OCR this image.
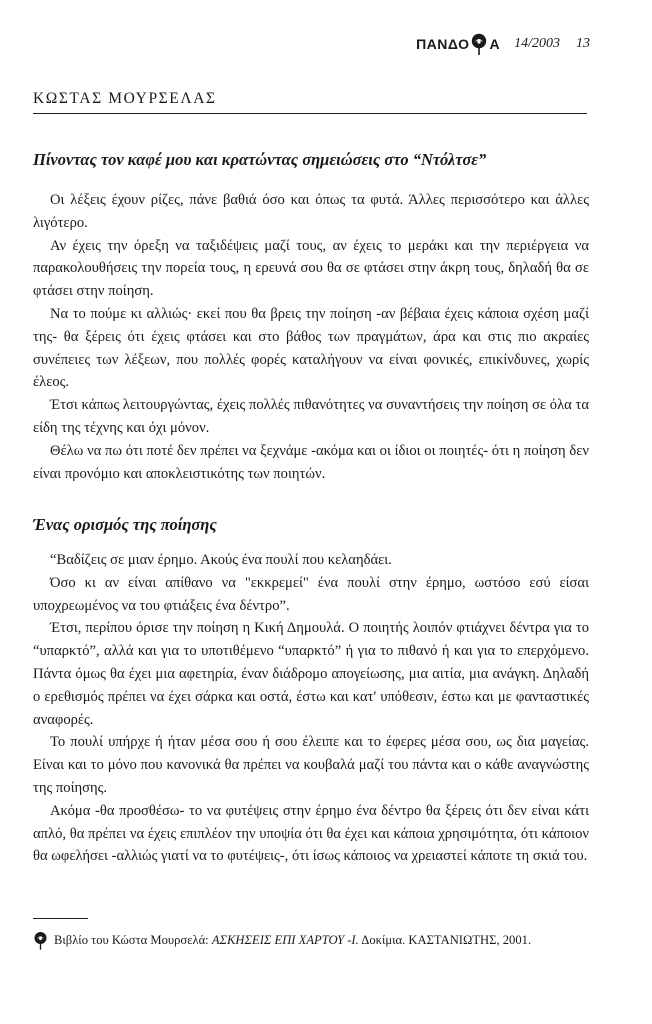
ΠΑΝΔΟ Α 14/2003 13
ΚΩΣΤΑΣ ΜΟΥΡΣΕΛΑΣ
Πίνοντας τον καφέ μου και κρατώντας σημειώσεις στο “Ντόλτσε”

Οι λέξεις έχουν ρίζες, πάνε βαθιά όσο και όπως τα φυτά. Άλλες περισσότερο και άλλες λιγότερο.

Αν έχεις την όρεξη να ταξιδέψεις μαζί τους, αν έχεις το μεράκι και την περιέργεια να παρακολουθήσεις την πορεία τους, η ερευνά σου θα σε φτάσει στην άκρη τους, δηλαδή θα σε φτάσει στην ποίηση.

Να το πούμε κι αλλιώς· εκεί που θα βρεις την ποίηση -αν βέβαια έχεις κάποια σχέση μαζί της- θα ξέρεις ότι έχεις φτάσει και στο βάθος των πραγμάτων, άρα και στις πιο ακραίες συνέπειες των λέξεων, που πολλές φορές καταλήγουν να είναι φονικές, επικίνδυνες, χωρίς έλεος.

Έτσι κάπως λειτουργώντας, έχεις πολλές πιθανότητες να συναντήσεις την ποίηση σε όλα τα είδη της τέχνης και όχι μόνον.

Θέλω να πω ότι ποτέ δεν πρέπει να ξεχνάμε -ακόμα και οι ίδιοι οι ποιητές- ότι η ποίηση δεν είναι προνόμιο και αποκλειστικότης των ποιητών.

Ένας ορισμός της ποίησης

“Βαδίζεις σε μιαν έρημο. Ακούς ένα πουλί που κελαηδάει.

Όσο κι αν είναι απίθανο να "εκκρεμεί" ένα πουλί στην έρημο, ωστόσο εσύ είσαι υποχρεωμένος να του φτιάξεις ένα δέντρο”.

Έτσι, περίπου όρισε την ποίηση η Κική Δημουλά. Ο ποιητής λοιπόν φτιάχνει δέντρα για το “υπαρκτό”, αλλά και για το υποτιθέμενο “υπαρκτό” ή για το πιθανό ή και για το επερχόμενο. Πάντα όμως θα έχει μια αφετηρία, έναν διάδρομο απογείωσης, μια αιτία, μια ανάγκη. Δηλαδή ο ερεθισμός πρέπει να έχει σάρκα και οστά, έστω και κατ' υπόθεσιν, έστω και με φανταστικές αναφορές.

Το πουλί υπήρχε ή ήταν μέσα σου ή σου έλειπε και το έφερες μέσα σου, ως δια μαγείας. Είναι και το μόνο που κανονικά θα πρέπει να κουβαλά μαζί του πάντα και ο κάθε αναγνώστης της ποίησης.

Ακόμα -θα προσθέσω- το να φυτέψεις στην έρημο ένα δέντρο θα ξέρεις ότι δεν είναι κάτι απλό, θα πρέπει να έχεις επιπλέον την υποψία ότι θα έχει και κάποια χρησιμότητα, ότι κάποιον θα ωφελήσει -αλλιώς γιατί να το φυτέψεις-, ότι ίσως κάποιος να χρειαστεί κάποτε τη σκιά του.

Βιβλίο του Κώστα Μουρσελά: ΑΣΚΗΣΕΙΣ ΕΠΙ ΧΑΡΤΟΥ -Ι. Δοκίμια. ΚΑΣΤΑΝΙΩΤΗΣ, 2001.
